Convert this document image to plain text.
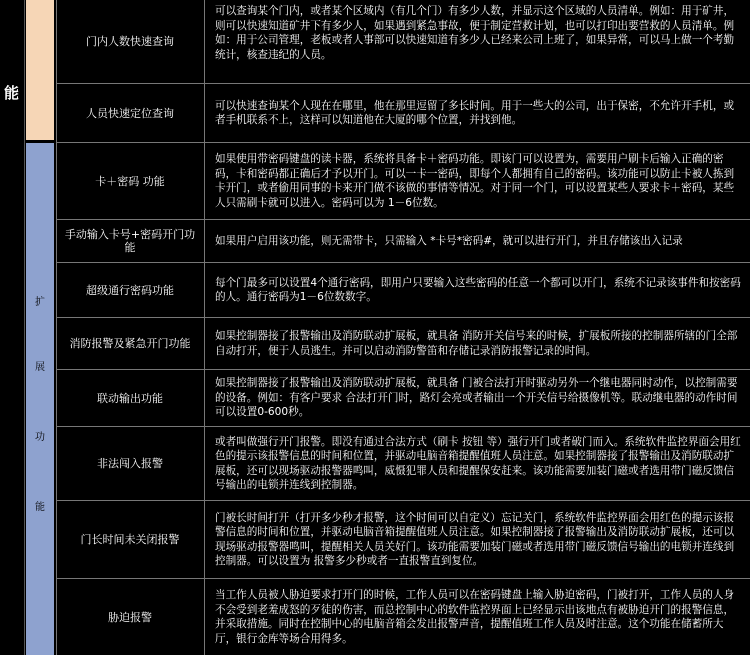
能
扩
展
功
能
门内人数快速查询
可以查询某个门内，或者某个区域内（有几个门）有多少人数，并显示这个区域的人员清单。例如：用于矿井，则可以快速知道矿井下有多少人，如果遇到紧急事故，便于制定营救计划，也可以打印出要营救的人员清单。例如：用于公司管理，老板或者人事部可以快速知道有多少人已经来公司上班了，如果异常，可以马上做一个考勤统计，核查违纪的人员。
人员快速定位查询
可以快速查询某个人现在在哪里，他在那里逗留了多长时间。用于一些大的公司，出于保密，不允许开手机，或者手机联系不上，这样可以知道他在大厦的哪个位置，并找到他。
卡＋密码 功能
如果使用带密码键盘的读卡器，系统将具备卡＋密码功能。即该门可以设置为，需要用户刷卡后输入正确的密码，卡和密码都正确后才予以开门。可以一卡一密码，即每个人都拥有自己的密码。该功能可以防止卡被人拣到卡开门，或者偷用同事的卡来开门做不该做的事情等情况。对于同一个门，可以设置某些人要求卡＋密码，某些人只需刷卡就可以进入。密码可以为 1－6位数。
手动输入卡号+密码开门功能
如果用户启用该功能，则无需带卡，只需输入 *卡号*密码#，就可以进行开门，并且存储该出入记录
超级通行密码功能
每个门最多可以设置4个通行密码，即用户只要输入这些密码的任意一个都可以开门，系统不记录该事件和按密码的人。通行密码为1－6位数数字。
消防报警及紧急开门功能
如果控制器接了报警输出及消防联动扩展板，就具备 消防开关信号来的时候，扩展板所接的控制器所辖的门全部自动打开，便于人员逃生。并可以启动消防警笛和存储记录消防报警记录的时间。
联动输出功能
如果控制器接了报警输出及消防联动扩展板，就具备 门被合法打开时驱动另外一个继电器同时动作，以控制需要的设备。例如：有客户要求 合法打开门时，路灯会亮或者输出一个开关信号给摄像机等。联动继电器的动作时间可以设置0-600秒。
非法闯入报警
或者叫做强行开门报警。即没有通过合法方式（刷卡 按钮 等）强行开门或者破门而入。系统软件监控界面会用红色的提示该报警信息的时间和位置，并驱动电脑音箱提醒值班人员注意。如果控制器接了报警输出及消防联动扩展板，还可以现场驱动报警器鸣叫，威慑犯罪人员和提醒保安赶来。该功能需要加装门磁或者选用带门磁反馈信号输出的电锁并连线到控制器。
门长时间未关闭报警
门被长时间打开（打开多少秒才报警，这个时间可以自定义）忘记关门，系统软件监控界面会用红色的提示该报警信息的时间和位置，并驱动电脑音箱提醒值班人员注意。如果控制器接了报警输出及消防联动扩展板，还可以现场驱动报警器鸣叫，提醒相关人员关好门。该功能需要加装门磁或者选用带门磁反馈信号输出的电锁并连线到控制器。可以设置为 报警多少秒或者一直报警直到复位。
胁迫报警
当工作人员被人胁迫要求打开门的时候，工作人员可以在密码键盘上输入胁迫密码，门被打开，工作人员的人身不会受到老羞成怒的歹徒的伤害，而总控制中心的软件监控界面上已经显示出该地点有被胁迫开门的报警信息，并采取措施。同时在控制中心的电脑音箱会发出报警声音，提醒值班工作人员及时注意。这个功能在储蓄所大厅，银行金库等场合用得多。
